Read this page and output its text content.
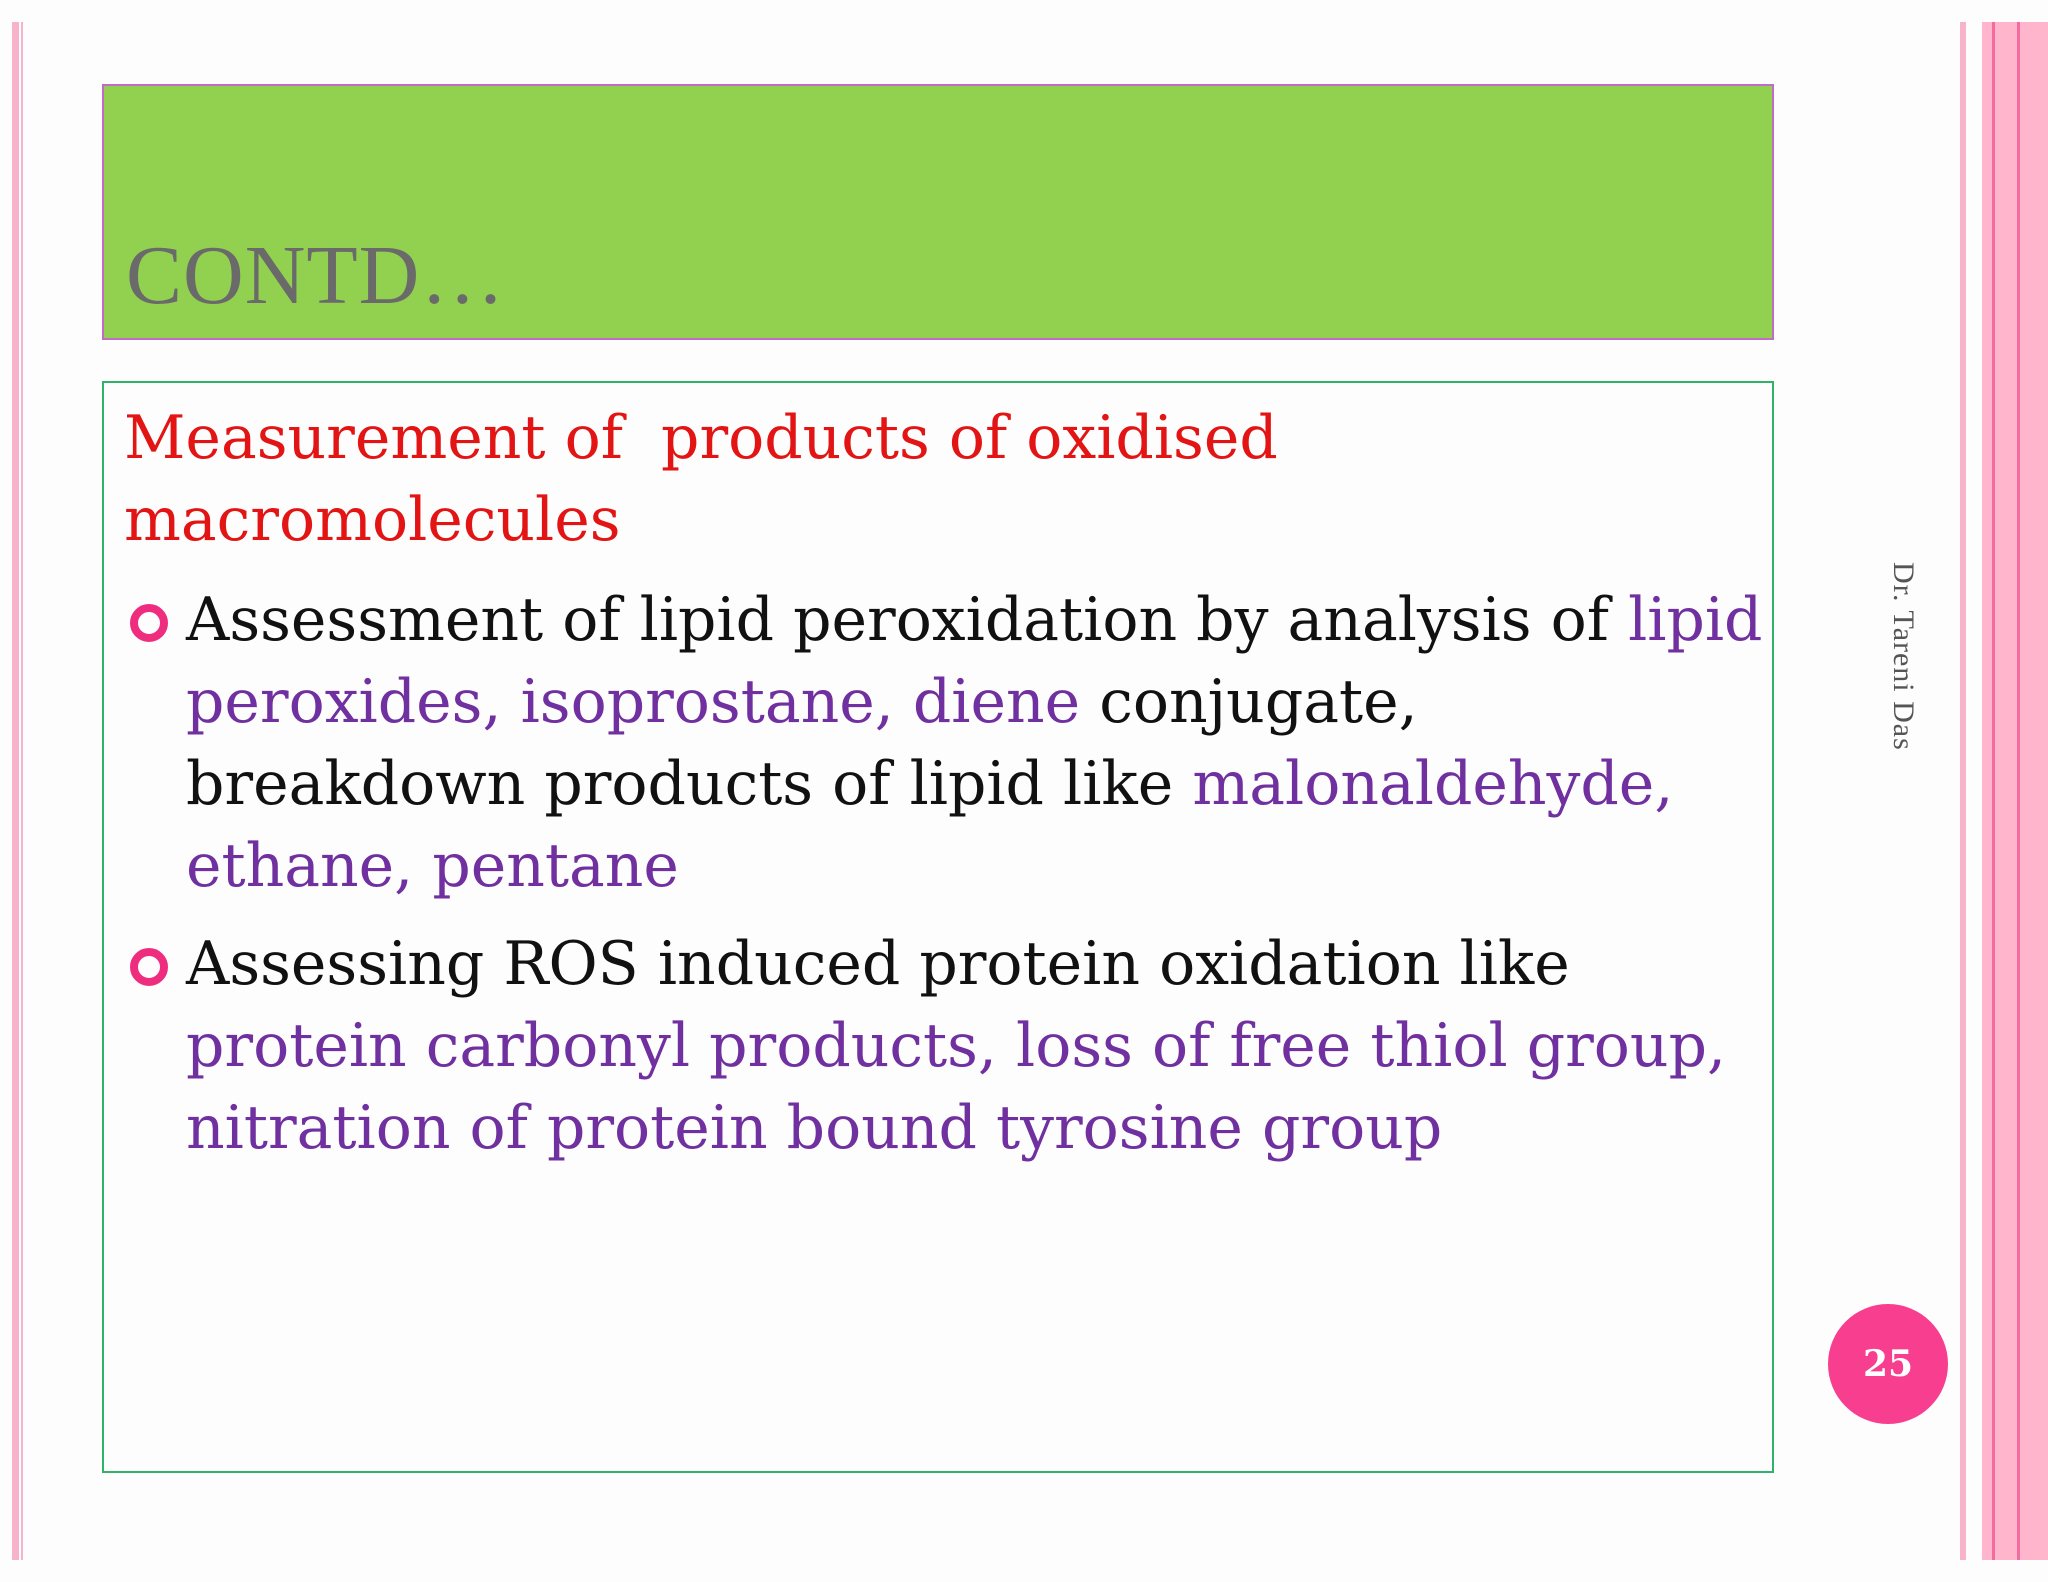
CONTD…
Measurement of  products of oxidised
macromolecules
Assessment of lipid peroxidation by analysis of lipid peroxides, isoprostane, diene conjugate, breakdown products of lipid like malonaldehyde, ethane, pentane
Assessing ROS induced protein oxidation like protein carbonyl products, loss of free thiol group, nitration of protein bound tyrosine group
Dr. Tareni Das
25
